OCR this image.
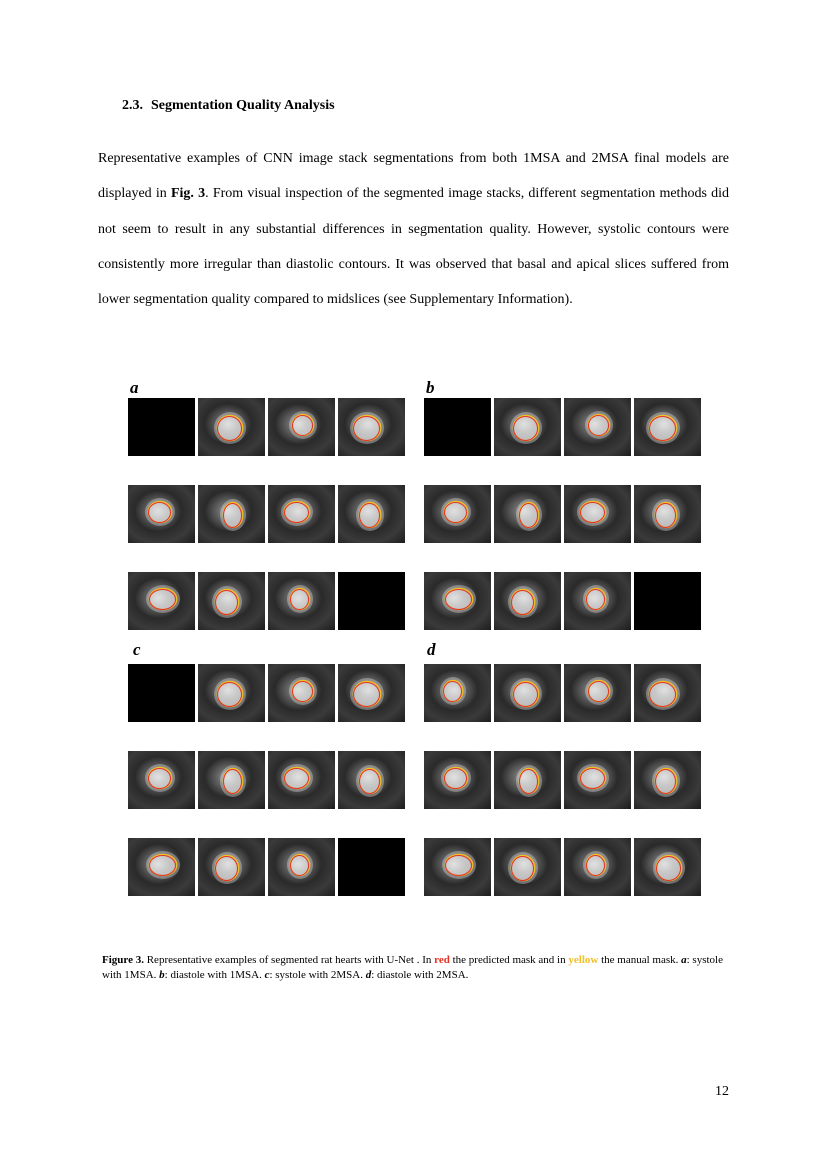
2.3. Segmentation Quality Analysis

Representative examples of CNN image stack segmentations from both 1MSA and 2MSA final models are displayed in Fig. 3. From visual inspection of the segmented image stacks, different segmentation methods did not seem to result in any substantial differences in segmentation quality. However, systolic contours were consistently more irregular than diastolic contours. It was observed that basal and apical slices suffered from lower segmentation quality compared to midslices (see Supplementary Information).

a	b
c	d

Figure 3. Representative examples of segmented rat hearts with U-Net . In red the predicted mask and in yellow the manual mask. a: systole with 1MSA. b: diastole with 1MSA. c: systole with 2MSA. d: diastole with 2MSA.

12
